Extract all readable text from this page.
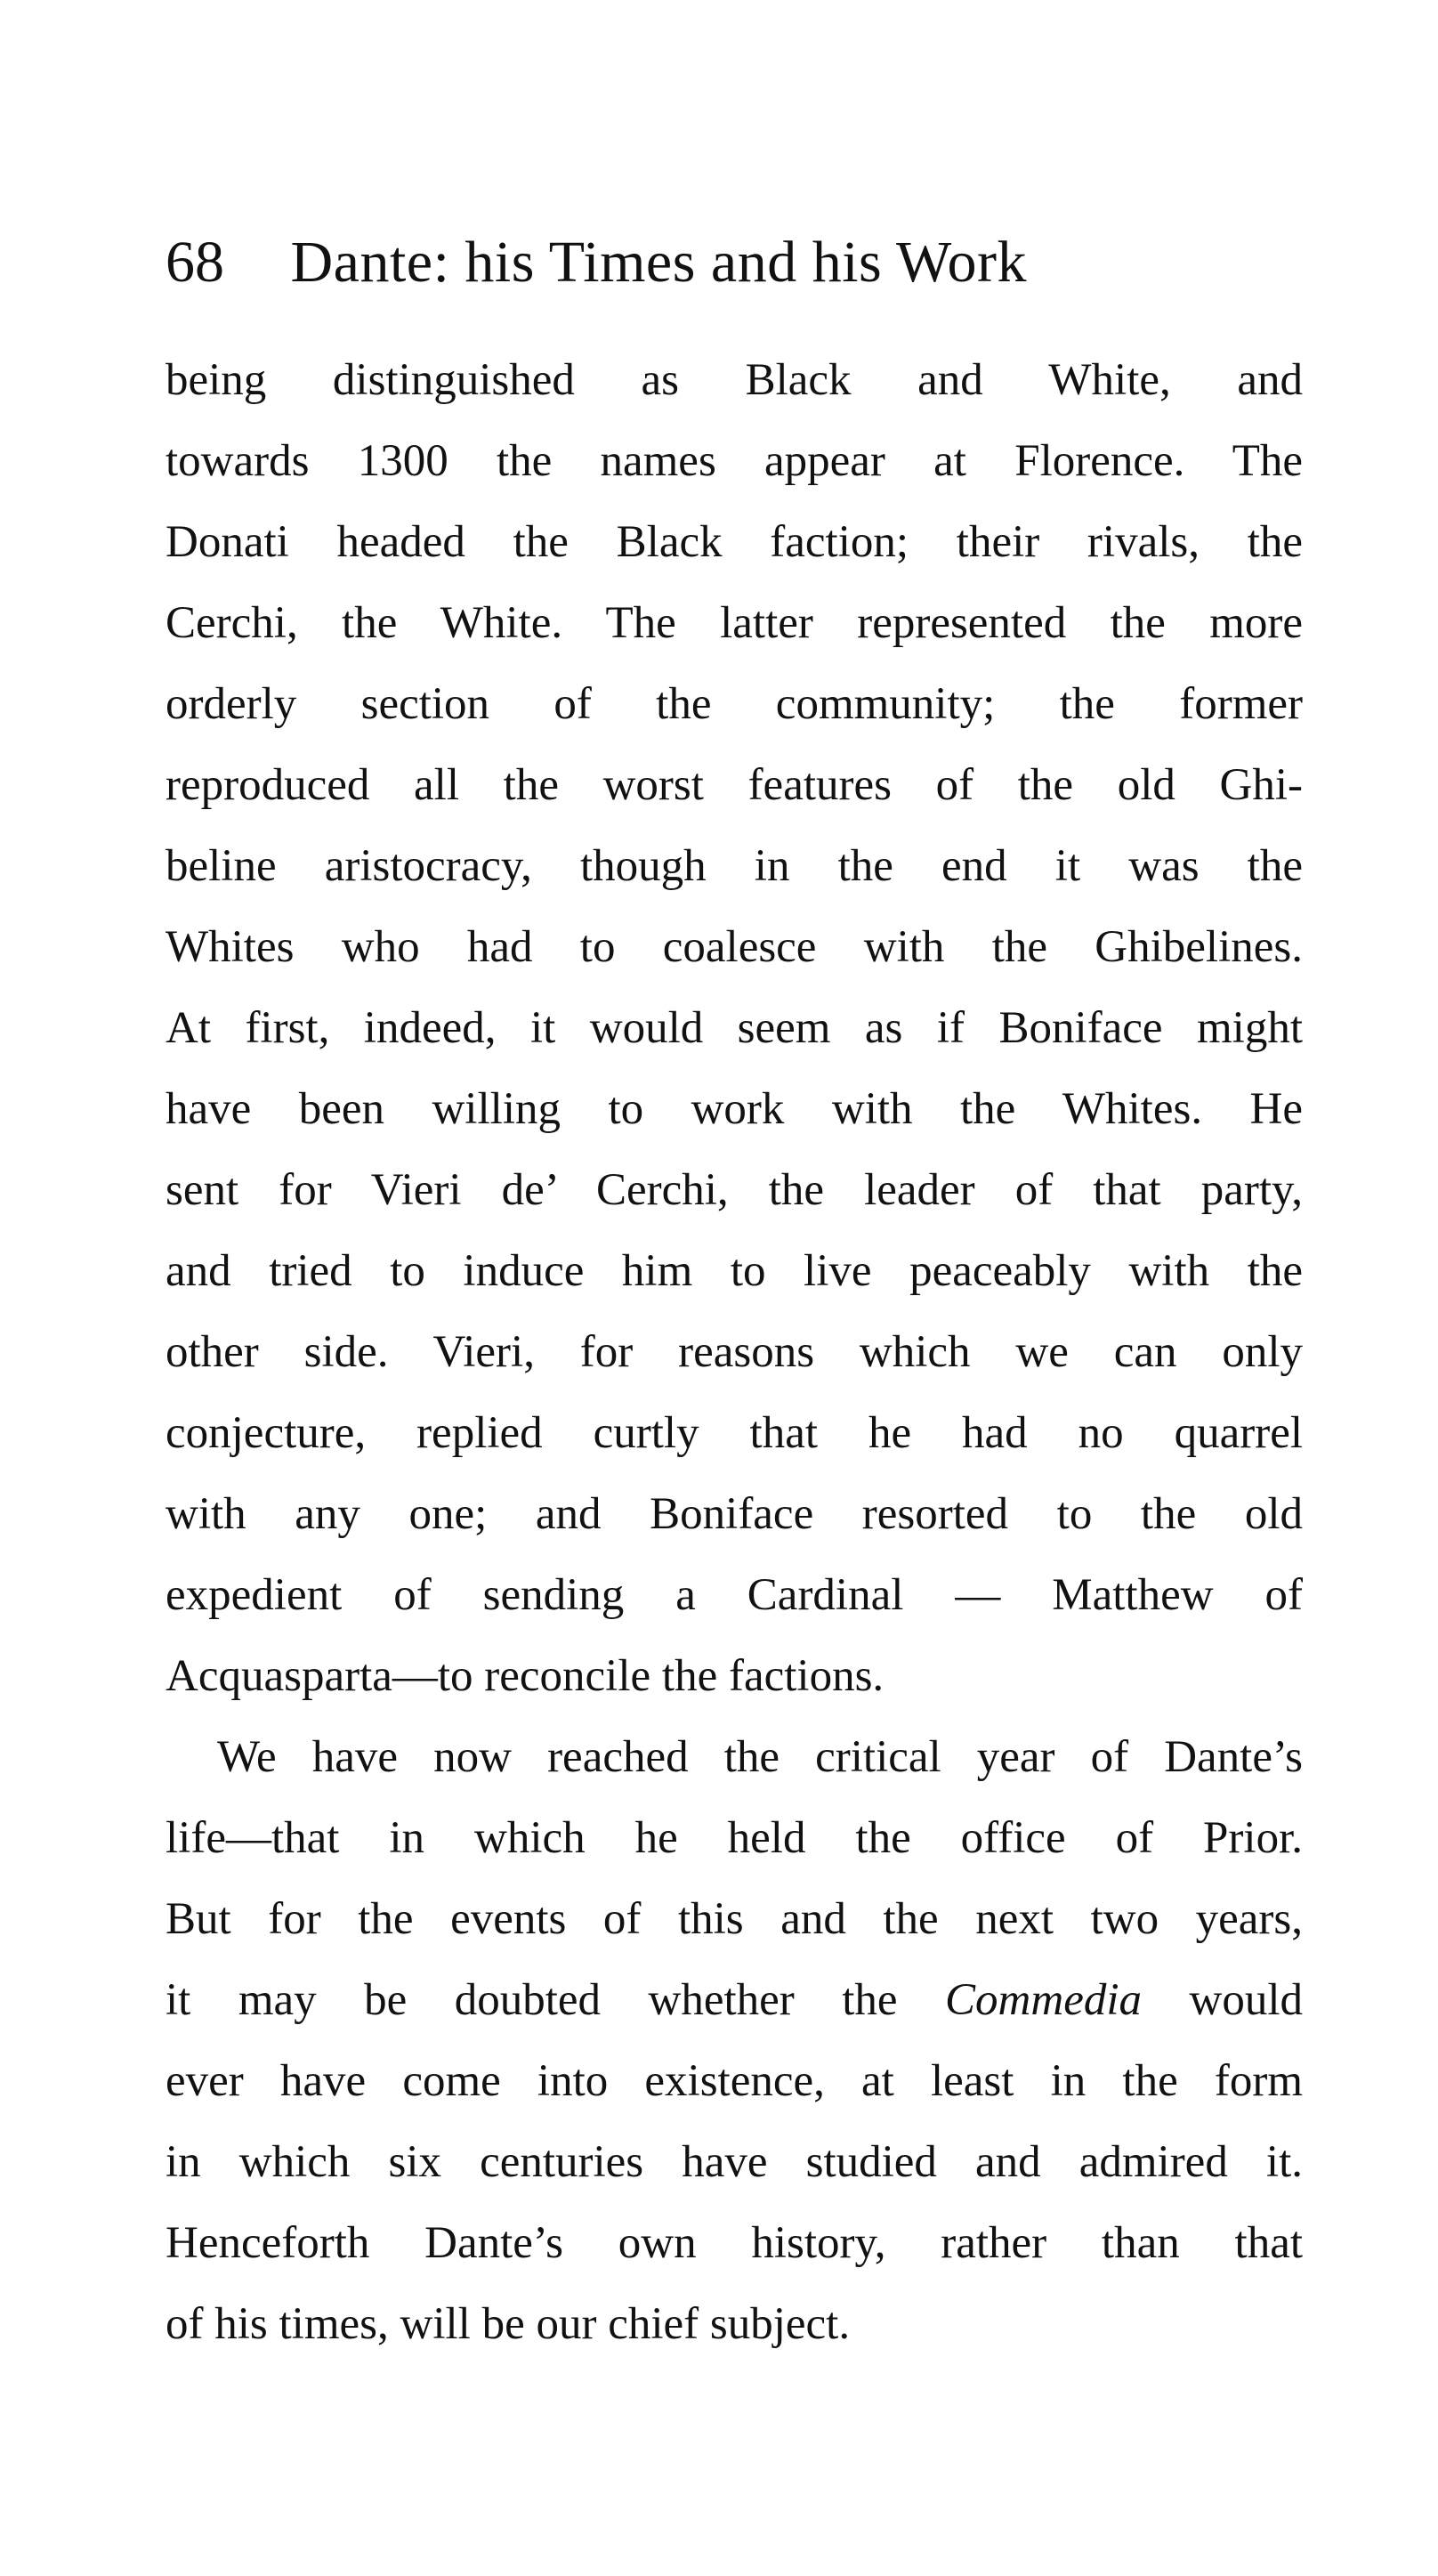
68 Dante: his Times and his Work
being distinguished as Black and White, and
towards 1300 the names appear at Florence. The
Donati headed the Black faction; their rivals, the
Cerchi, the White. The latter represented the more
orderly section of the community; the former
reproduced all the worst features of the old Ghi-
beline aristocracy, though in the end it was the
Whites who had to coalesce with the Ghibelines.
At first, indeed, it would seem as if Boniface might
have been willing to work with the Whites. He
sent for Vieri de’ Cerchi, the leader of that party,
and tried to induce him to live peaceably with the
other side. Vieri, for reasons which we can only
conjecture, replied curtly that he had no quarrel
with any one; and Boniface resorted to the old
expedient of sending a Cardinal — Matthew of
Acquasparta—to reconcile the factions.
We have now reached the critical year of Dante’s
life—that in which he held the office of Prior.
But for the events of this and the next two years,
it may be doubted whether the Commedia would
ever have come into existence, at least in the form
in which six centuries have studied and admired it.
Henceforth Dante’s own history, rather than that
of his times, will be our chief subject.
